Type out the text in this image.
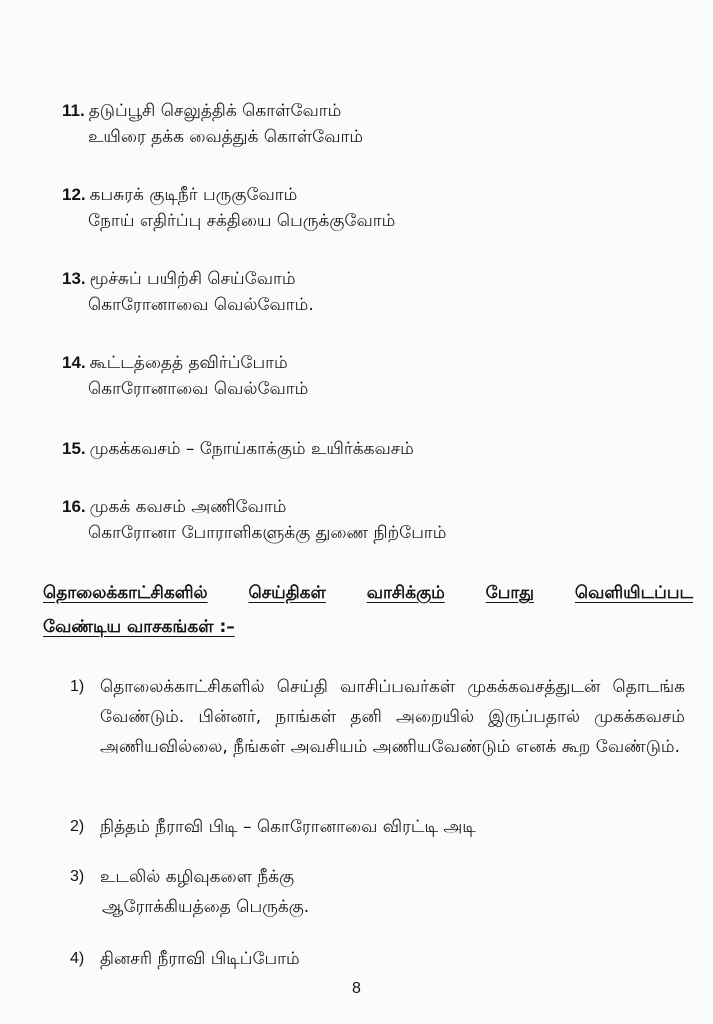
11. தடுப்பூசி செலுத்திக் கொள்வோம்
உயிரை தக்க வைத்துக் கொள்வோம்
12. கபசுரக் குடிநீர் பருகுவோம்
நோய் எதிர்ப்பு சக்தியை பெருக்குவோம்
13. மூச்சுப் பயிற்சி செய்வோம்
கொரோனாவை வெல்வோம்.
14. கூட்டத்தைத் தவிர்ப்போம்
கொரோனாவை வெல்வோம்
15. முகக்கவசம் – நோய்காக்கும் உயிர்க்கவசம்
16. முகக் கவசம் அணிவோம்
கொரோனா போராளிகளுக்கு துணை நிற்போம்
தொலைக்காட்சிகளில் செய்திகள் வாசிக்கும் போது வெளியிடப்பட
வேண்டிய வாசகங்கள் :–
1) தொலைக்காட்சிகளில் செய்தி வாசிப்பவர்கள் முகக்கவசத்துடன் தொடங்க வேண்டும். பின்னர், நாங்கள் தனி அறையில் இருப்பதால் முகக்கவசம் அணியவில்லை, நீங்கள் அவசியம் அணியவேண்டும் எனக் கூற வேண்டும்.
2) நித்தம் நீராவி பிடி – கொரோனாவை விரட்டி அடி
3) உடலில் கழிவுகளை நீக்கு
ஆரோக்கியத்தை பெருக்கு.
4) தினசரி நீராவி பிடிப்போம்
8
